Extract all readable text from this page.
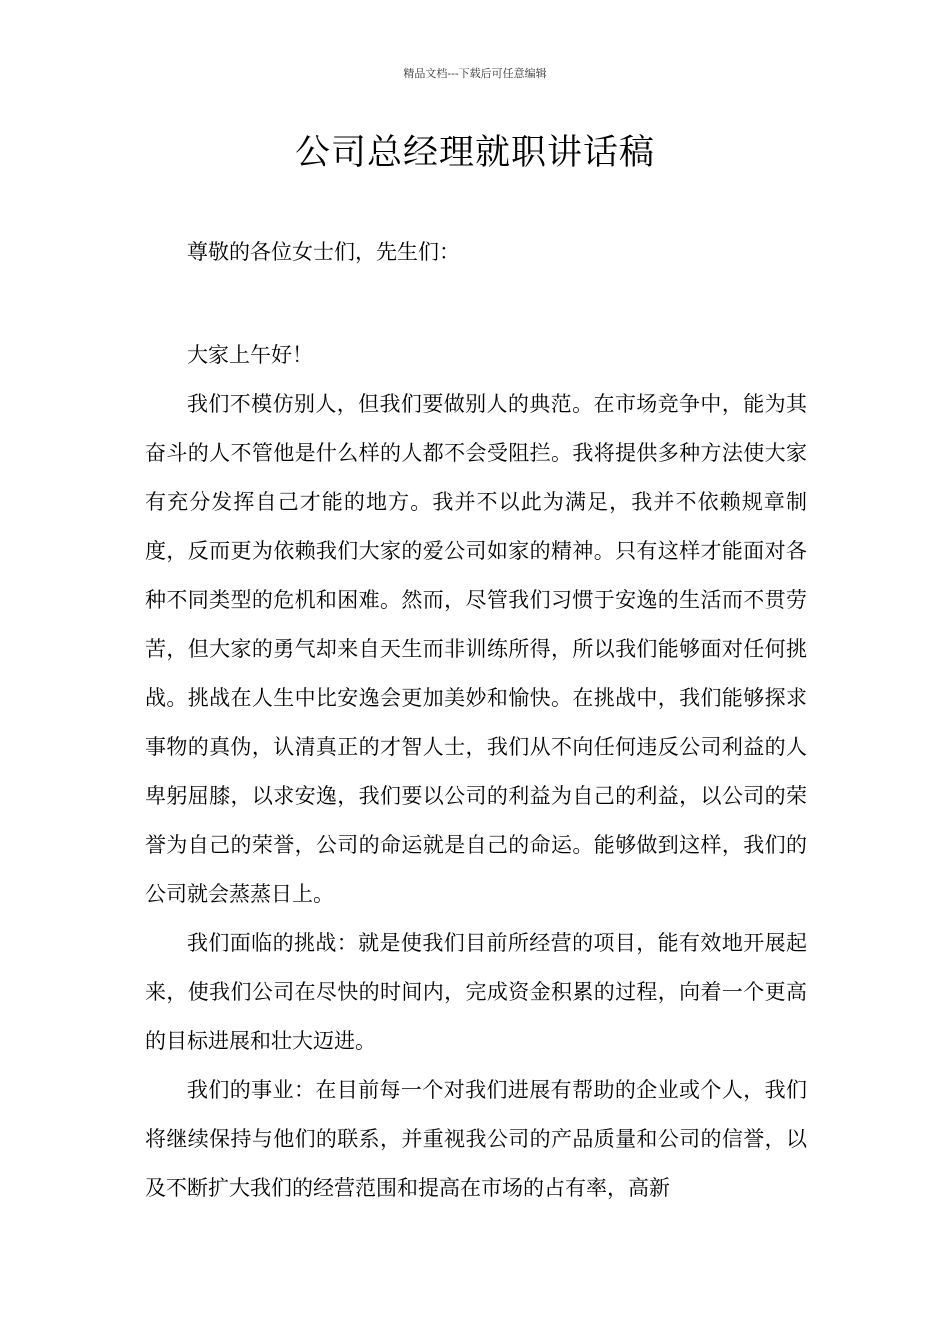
精品文档---下载后可任意编辑
公司总经理就职讲话稿

尊敬的各位女士们，先生们：

大家上午好！

我们不模仿别人，但我们要做别人的典范。在市场竞争中，能为其奋斗的人不管他是什么样的人都不会受阻拦。我将提供多种方法使大家有充分发挥自己才能的地方。我并不以此为满足，我并不依赖规章制度，反而更为依赖我们大家的爱公司如家的精神。只有这样才能面对各种不同类型的危机和困难。然而，尽管我们习惯于安逸的生活而不贯劳苦，但大家的勇气却来自天生而非训练所得，所以我们能够面对任何挑战。挑战在人生中比安逸会更加美妙和愉快。在挑战中，我们能够探求事物的真伪，认清真正的才智人士，我们从不向任何违反公司利益的人卑躬屈膝，以求安逸，我们要以公司的利益为自己的利益，以公司的荣誉为自己的荣誉，公司的命运就是自己的命运。能够做到这样，我们的公司就会蒸蒸日上。

我们面临的挑战：就是使我们目前所经营的项目，能有效地开展起来，使我们公司在尽快的时间内，完成资金积累的过程，向着一个更高的目标进展和壮大迈进。

我们的事业：在目前每一个对我们进展有帮助的企业或个人，我们将继续保持与他们的联系，并重视我公司的产品质量和公司的信誉，以及不断扩大我们的经营范围和提高在市场的占有率，高新
